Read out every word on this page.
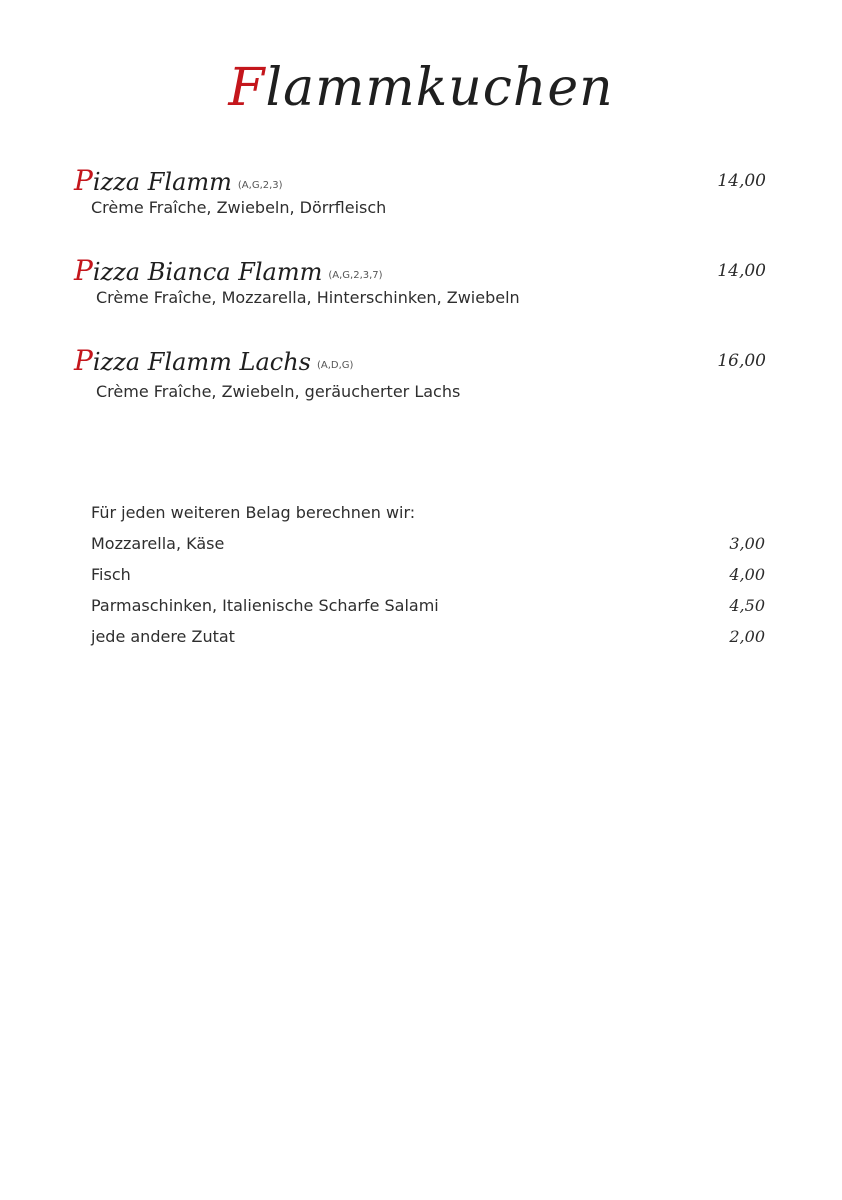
Flammkuchen
Pizza Flamm (A,G,2,3)	14,00
Crème Fraîche, Zwiebeln, Dörrfleisch
Pizza Bianca Flamm (A,G,2,3,7)	14,00
Crème Fraîche, Mozzarella, Hinterschinken, Zwiebeln
Pizza Flamm Lachs (A,D,G)	16,00
Crème Fraîche, Zwiebeln, geräucherter Lachs
Für jeden weiteren Belag berechnen wir:
Mozzarella, Käse	3,00
Fisch	4,00
Parmaschinken, Italienische Scharfe Salami	4,50
jede andere Zutat	2,00
